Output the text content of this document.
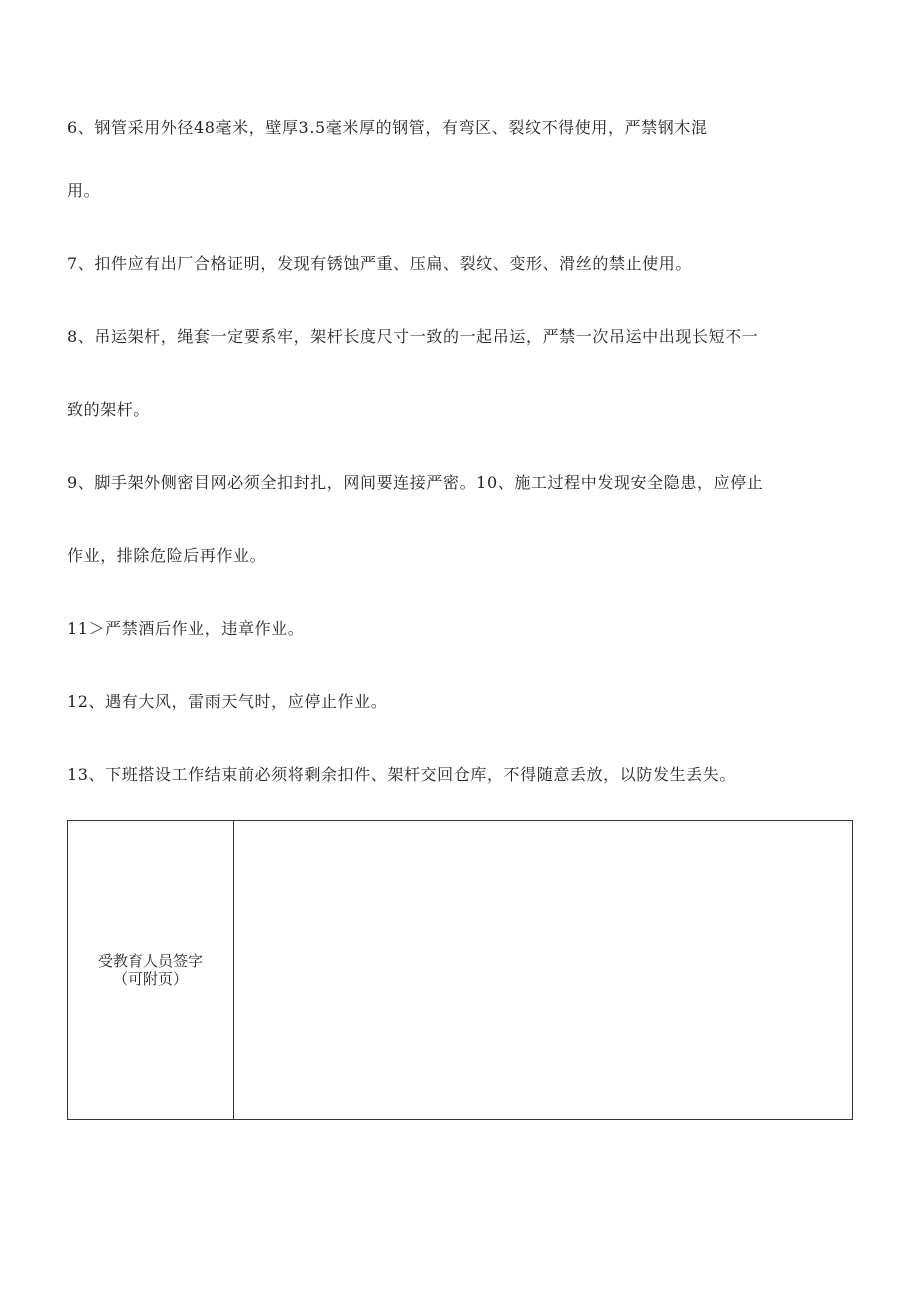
6、钢管采用外径48毫米，壁厚3.5毫米厚的钢管，有弯区、裂纹不得使用，严禁钢木混
用。
7、扣件应有出厂合格证明，发现有锈蚀严重、压扁、裂纹、变形、滑丝的禁止使用。
8、吊运架杆，绳套一定要系牢，架杆长度尺寸一致的一起吊运，严禁一次吊运中出现长短不一
致的架杆。
9、脚手架外侧密目网必须全扣封扎，网间要连接严密。10、施工过程中发现安全隐患，应停止
作业，排除危险后再作业。
11＞严禁酒后作业，违章作业。
12、遇有大风，雷雨天气时，应停止作业。
13、下班搭设工作结束前必须将剩余扣件、架杆交回仓库，不得随意丢放，以防发生丢失。
受教育人员签字
（可附页）
